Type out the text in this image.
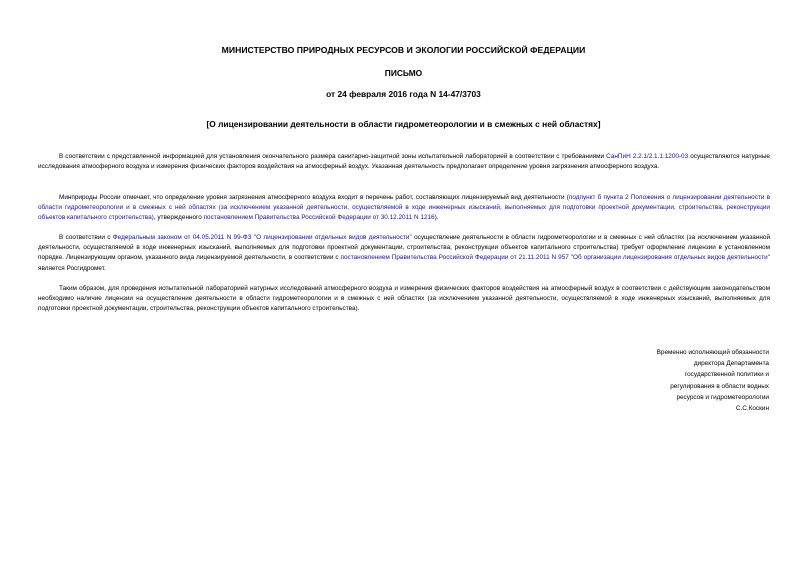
МИНИСТЕРСТВО ПРИРОДНЫХ РЕСУРСОВ И ЭКОЛОГИИ РОССИЙСКОЙ ФЕДЕРАЦИИ
ПИСЬМО
от 24 февраля 2016 года N 14-47/3703
[О лицензировании деятельности в области гидрометеорологии и в смежных с ней областях]
В соответствии с представленной информацией для установления окончательного размера санитарно-защитной зоны испытательной лабораторией в соответствии с требованиями СанПиН 2.2.1/2.1.1.1200-03 осуществляются натурные исследования атмосферного воздуха и измерения физических факторов воздействия на атмосферный воздух. Указанная деятельность предполагает определение уровня загрязнения атмосферного воздуха.
Минприроды России отмечает, что определение уровня загрязнения атмосферного воздуха входит в перечень работ, составляющих лицензируемый вид деятельности (подпункт б пункта 2 Положения о лицензировании деятельности в области гидрометеорологии и в смежных с ней областях (за исключением указанной деятельности, осуществляемой в ходе инженерных изысканий, выполняемых для подготовки проектной документации, строительства, реконструкции объектов капитального строительства), утвержденного постановлением Правительства Российской Федерации от 30.12.2011 N 1216).
В соответствии с Федеральным законом от 04.05.2011 N 99-ФЗ "О лицензировании отдельных видов деятельности" осуществление деятельности в области гидрометеорологии и в смежных с ней областях (за исключением указанной деятельности, осуществляемой в ходе инженерных изысканий, выполняемых для подготовки проектной документации, строительства, реконструкции объектов капитального строительства) требует оформление лицензии в установленном порядке. Лицензирующим органом, указанного вида лицензируемой деятельности, в соответствии с постановлением Правительства Российской Федерации от 21.11.2011 N 957 "Об организации лицензирования отдельных видов деятельности" является Росгидромет.
Таким образом, для проведения испытательной лабораторией натурных исследований атмосферного воздуха и измерения физических факторов воздействия на атмосферный воздух в соответствии с действующим законодательством необходимо наличие лицензии на осуществление деятельности в области гидрометеорологии и в смежных с ней областях (за исключением указанной деятельности, осуществляемой в ходе инженерных изысканий, выполняемых для подготовки проектной документации, строительства, реконструкции объектов капитального строительства).
Временно исполняющий обязанности
директора Департамента
государственной политики и
регулирования в области водных
ресурсов и гидрометеорологии
С.С.Коскин
